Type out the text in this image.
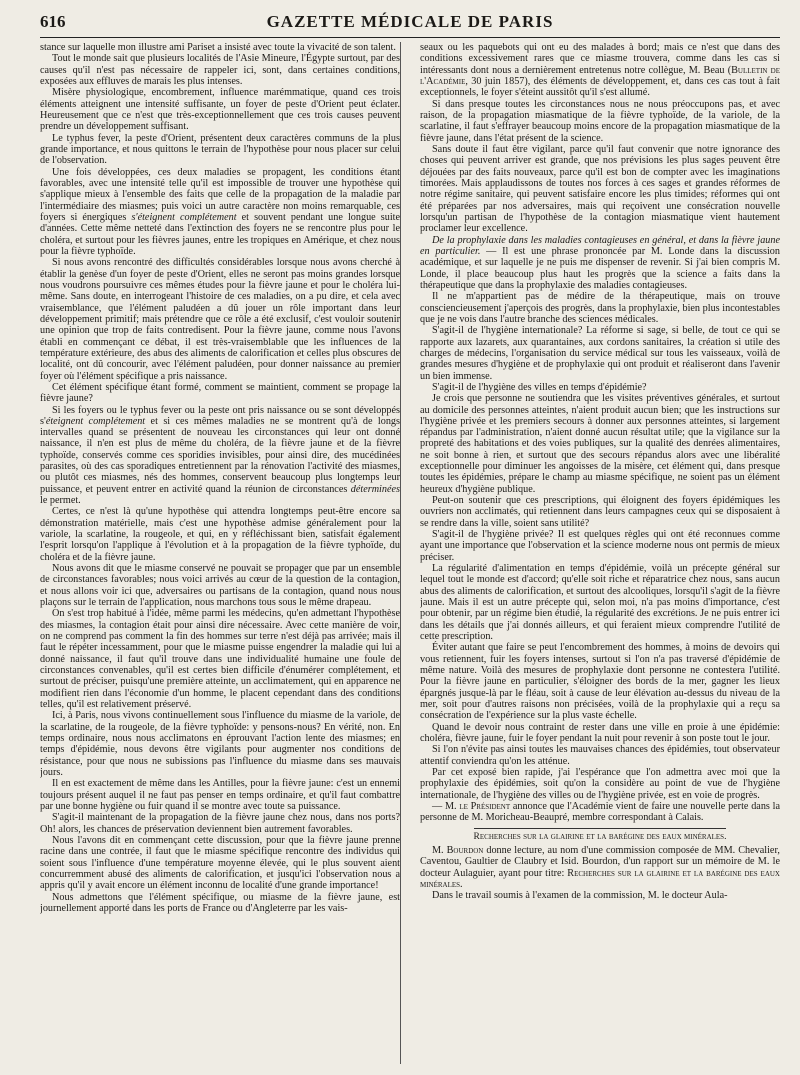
616	GAZETTE MÉDICALE DE PARIS

stance sur laquelle mon illustre ami Pariset a insisté avec toute la vivacité de son talent.

Tout le monde sait que plusieurs localités de l'Asie Mineure, l'Égypte surtout, par des causes qu'il n'est pas nécessaire de rappeler ici, sont, dans certaines conditions, exposées aux effluves de marais les plus intenses.

Misère physiologique, encombrement, influence marémmatique, quand ces trois éléments atteignent une intensité suffisante, un foyer de peste d'Orient peut éclater. Heureusement que ce n'est que très-exceptionnellement que ces trois causes peuvent prendre un développement suffisant.

Le typhus fever, la peste d'Orient, présentent deux caractères communs de la plus grande importance, et nous quittons le terrain de l'hypothèse pour nous placer sur celui de l'observation.

Une fois développées, ces deux maladies se propagent, les conditions étant favorables, avec une intensité telle qu'il est impossible de trouver une hypothèse qui s'applique mieux à l'ensemble des faits que celle de la propagation de la maladie par l'intermédiaire des miasmes; puis voici un autre caractère non moins remarquable, ces foyers si énergiques s'éteignent complétement et souvent pendant une longue suite d'années. Cette même netteté dans l'extinction des foyers ne se rencontre plus pour le choléra, et surtout pour les fièvres jaunes, entre les tropiques en Amérique, et chez nous pour la fièvre typhoïde.

Si nous avons rencontré des difficultés considérables lorsque nous avons cherché à établir la genèse d'un foyer de peste d'Orient, elles ne seront pas moins grandes lorsque nous voudrons poursuivre ces mêmes études pour la fièvre jaune et pour le choléra lui-même. Sans doute, en interrogeant l'histoire de ces maladies, on a pu dire, et cela avec vraisemblance, que l'élément paludéen a dû jouer un rôle important dans leur développement primitif; mais prétendre que ce rôle a été exclusif, c'est vouloir soutenir une opinion que trop de faits contredisent. Pour la fièvre jaune, comme nous l'avons établi en commençant ce débat, il est très-vraisemblable que les influences de la température extérieure, des abus des aliments de calorification et celles plus obscures de localité, ont dû concourir, avec l'élément paludéen, pour donner naissance au premier foyer où l'élément spécifique a pris naissance.

Cet élément spécifique étant formé, comment se maintient, comment se propage la fièvre jaune?

Si les foyers ou le typhus fever ou la peste ont pris naissance ou se sont développés s'éteignent complétement et si ces mêmes maladies ne se montrent qu'à de longs intervalles quand se présentent de nouveau les circonstances qui leur ont donné naissance, il n'en est plus de même du choléra, de la fièvre jaune et de la fièvre typhoïde, conservés comme ces sporidies invisibles, pour ainsi dire, des mucédinées parasites, où des cas sporadiques entretiennent par la rénovation l'activité des miasmes, ou plutôt ces miasmes, nés des hommes, conservent beaucoup plus longtemps leur puissance, et peuvent entrer en activité quand la réunion de circonstances déterminées le permet.

Certes, ce n'est là qu'une hypothèse qui attendra longtemps peut-être encore sa démonstration matérielle, mais c'est une hypothèse admise généralement pour la variole, la scarlatine, la rougeole, et qui, en y réfléchissant bien, satisfait également l'esprit lorsqu'on l'applique à l'évolution et à la propagation de la fièvre typhoïde, du choléra et de la fièvre jaune.

Nous avons dit que le miasme conservé ne pouvait se propager que par un ensemble de circonstances favorables; nous voici arrivés au cœur de la question de la contagion, et nous allons voir ici que, adversaires ou partisans de la contagion, quand nous nous plaçons sur le terrain de l'application, nous marchons tous sous le même drapeau.

On s'est trop habitué à l'idée, même parmi les médecins, qu'en admettant l'hypothèse des miasmes, la contagion était pour ainsi dire nécessaire. Avec cette manière de voir, on ne comprend pas comment la fin des hommes sur terre n'est déjà pas arrivée; mais il faut le répéter incessamment, pour que le miasme puisse engendrer la maladie qui lui a donné naissance, il faut qu'il trouve dans une individualité humaine une foule de circonstances convenables, qu'il est certes bien difficile d'énumérer complétement, et surtout de préciser, puisqu'une première atteinte, un acclimatement, qui en apparence ne modifient rien dans l'économie d'un homme, le placent cependant dans des conditions telles, qu'il est relativement préservé.

Ici, à Paris, nous vivons continuellement sous l'influence du miasme de la variole, de la scarlatine, de la rougeole, de la fièvre typhoïde: y pensons-nous? En vérité, non. En temps ordinaire, nous nous acclimatons en éprouvant l'action lente des miasmes; en temps d'épidémie, nous devons être vigilants pour augmenter nos conditions de résistance, pour que nous ne subissions pas l'influence du miasme dans ses mauvais jours.

Il en est exactement de même dans les Antilles, pour la fièvre jaune: c'est un ennemi toujours présent auquel il ne faut pas penser en temps ordinaire, et qu'il faut combattre par une bonne hygiène ou fuir quand il se montre avec toute sa puissance.

S'agit-il maintenant de la propagation de la fièvre jaune chez nous, dans nos ports? Oh! alors, les chances de préservation deviennent bien autrement favorables.

Nous l'avons dit en commençant cette discussion, pour que la fièvre jaune prenne racine dans une contrée, il faut que le miasme spécifique rencontre des individus qui soient sous l'influence d'une température moyenne élevée, qui le plus souvent aient concurremment abusé des aliments de calorification, et jusqu'ici l'observation nous a appris qu'il y avait encore un élément inconnu de localité d'une grande importance!

Nous admettons que l'élément spécifique, ou miasme de la fièvre jaune, est journellement apporté dans les ports de France ou d'Angleterre par les vais-

seaux ou les paquebots qui ont eu des malades à bord; mais ce n'est que dans des conditions excessivement rares que ce miasme trouvera, comme dans les cas si intéressants dont nous a dernièrement entretenus notre collègue, M. Beau (Bulletin de l'Académie, 30 juin 1857), des éléments de développement, et, dans ces cas tout à fait exceptionnels, le foyer s'éteint aussitôt qu'il s'est allumé.

Si dans presque toutes les circonstances nous ne nous préoccupons pas, et avec raison, de la propagation miasmatique de la fièvre typhoïde, de la variole, de la scarlatine, il faut s'effrayer beaucoup moins encore de la propagation miasmatique de la fièvre jaune, dans l'état présent de la science.

Sans doute il faut être vigilant, parce qu'il faut convenir que notre ignorance des choses qui peuvent arriver est grande, que nos prévisions les plus sages peuvent être déjouées par des faits nouveaux, parce qu'il est bon de compter avec les imaginations timorées. Mais applaudissons de toutes nos forces à ces sages et grandes réformes de notre régime sanitaire, qui peuvent satisfaire encore les plus timides; réformes qui ont été préparées par nos adversaires, mais qui reçoivent une consécration nouvelle lorsqu'un partisan de l'hypothèse de la contagion miasmatique vient hautement proclamer leur excellence.

De la prophylaxie dans les maladies contagieuses en général, et dans la fièvre jaune en particulier. — Il est une phrase prononcée par M. Londe dans la discussion académique, et sur laquelle je ne puis me dispenser de revenir. Si j'ai bien compris M. Londe, il place beaucoup plus haut les progrès que la science a faits dans la thérapeutique que dans la prophylaxie des maladies contagieuses.

Il ne m'appartient pas de médire de la thérapeutique, mais on trouve consciencieusement j'aperçois des progrès, dans la prophylaxie, bien plus incontestables que je ne vois dans l'autre branche des sciences médicales.

S'agit-il de l'hygiène internationale? La réforme si sage, si belle, de tout ce qui se rapporte aux lazarets, aux quarantaines, aux cordons sanitaires, la création si utile des charges de médecins, l'organisation du service médical sur tous les vaisseaux, voilà de grandes mesures d'hygiène et de prophylaxie qui ont produit et réaliseront dans l'avenir un bien immense.

S'agit-il de l'hygiène des villes en temps d'épidémie?

Je crois que personne ne soutiendra que les visites préventives générales, et surtout au domicile des personnes atteintes, n'aient produit aucun bien; que les instructions sur l'hygiène privée et les premiers secours à donner aux personnes atteintes, si largement répandus par l'administration, n'aient donné aucun résultat utile; que la vigilance sur la propreté des habitations et des voies publiques, sur la qualité des denrées alimentaires, ne soit bonne à rien, et surtout que des secours répandus alors avec une libéralité exceptionnelle pour diminuer les angoisses de la misère, cet élément qui, dans presque toutes les épidémies, prépare le champ au miasme spécifique, ne soient pas un élément heureux d'hygiène publique.

Peut-on soutenir que ces prescriptions, qui éloignent des foyers épidémiques les ouvriers non acclimatés, qui retiennent dans leurs campagnes ceux qui se disposaient à se rendre dans la ville, soient sans utilité?

S'agit-il de l'hygiène privée? Il est quelques règles qui ont été reconnues comme ayant une importance que l'observation et la science moderne nous ont permis de mieux préciser.

La régularité d'alimentation en temps d'épidémie, voilà un précepte général sur lequel tout le monde est d'accord; qu'elle soit riche et réparatrice chez nous, sans aucun abus des aliments de calorification, et surtout des alcooliques, lorsqu'il s'agit de la fièvre jaune. Mais il est un autre précepte qui, selon moi, n'a pas moins d'importance, c'est pour obtenir, par un régime bien étudié, la régularité des excrétions. Je ne puis entrer ici dans les détails que j'ai donnés ailleurs, et qui feraient mieux comprendre l'utilité de cette prescription.

Éviter autant que faire se peut l'encombrement des hommes, à moins de devoirs qui vous retiennent, fuir les foyers intenses, surtout si l'on n'a pas traversé d'épidémie de même nature. Voilà des mesures de prophylaxie dont personne ne contestera l'utilité. Pour la fièvre jaune en particulier, s'éloigner des bords de la mer, gagner les lieux épargnés jusque-là par le fléau, soit à cause de leur élévation au-dessus du niveau de la mer, soit pour d'autres raisons non précisées, voilà de la prophylaxie qui a reçu sa consécration de l'expérience sur la plus vaste échelle.

Quand le devoir nous contraint de rester dans une ville en proie à une épidémie: choléra, fièvre jaune, fuir le foyer pendant la nuit pour revenir à son poste tout le jour.

Si l'on n'évite pas ainsi toutes les mauvaises chances des épidémies, tout observateur attentif conviendra qu'on les atténue.

Par cet exposé bien rapide, j'ai l'espérance que l'on admettra avec moi que la prophylaxie des épidémies, soit qu'on la considère au point de vue de l'hygiène internationale, de l'hygiène des villes ou de l'hygiène privée, est en voie de progrès.

— M. le Président annonce que l'Académie vient de faire une nouvelle perte dans la personne de M. Moricheau-Beaupré, membre correspondant à Calais.

Recherches sur la glairine et la barégine des eaux minérales.

M. Bourdon donne lecture, au nom d'une commission composée de MM. Chevalier, Caventou, Gaultier de Claubry et Isid. Bourdon, d'un rapport sur un mémoire de M. le docteur Aulaguier, ayant pour titre: Recherches sur la glairine et la barégine des eaux minérales.

Dans le travail soumis à l'examen de la commission, M. le docteur Aula-
